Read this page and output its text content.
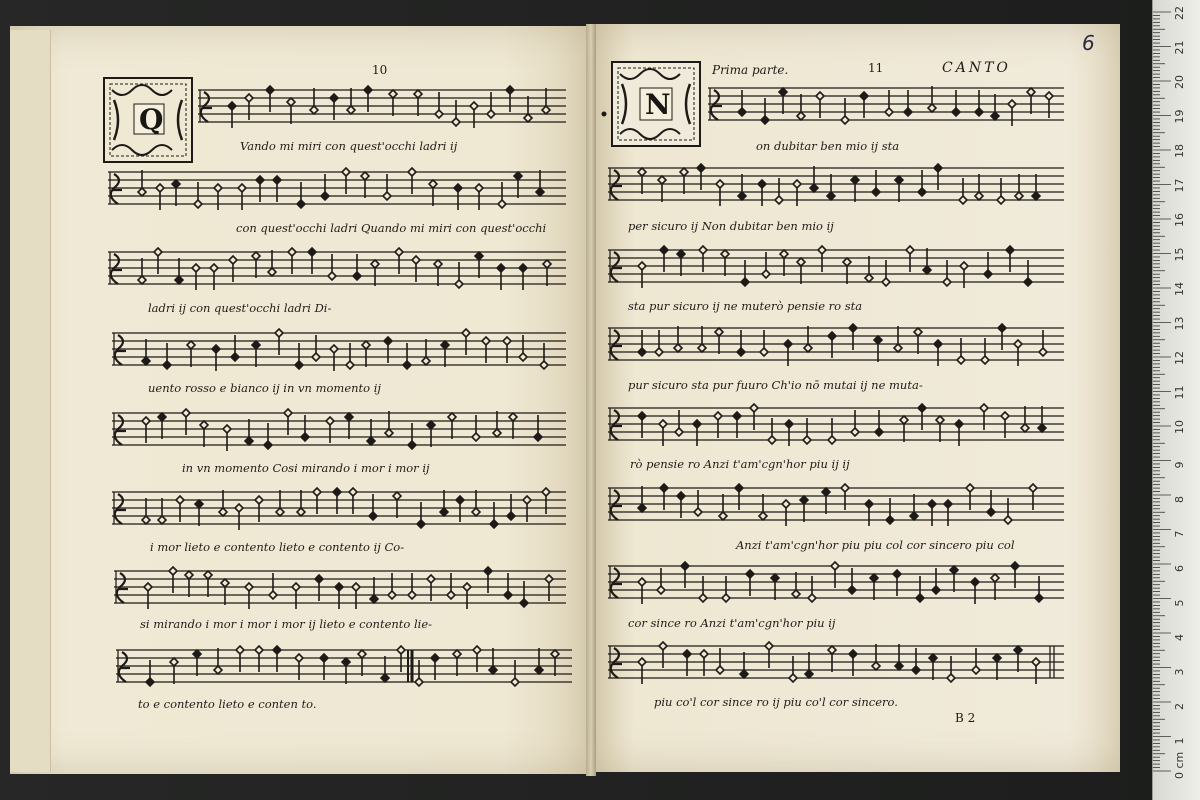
Q	N
10	Prima parte.	11	CANTO
6
B 2
Vando mi miri con quest'occhi ladri ij
con quest'occhi ladri Quando mi miri con quest'occhi
ladri ij con quest'occhi ladri Di-
uento rosso e bianco ij in vn momento ij
in vn momento Cosi mirando i mor i mor ij
i mor lieto e contento lieto e contento ij Co-
si mirando i mor i mor i mor ij lieto e contento lie-
to e contento lieto e conten to.
on dubitar ben mio ij sta
per sicuro ij Non dubitar ben mio ij
sta pur sicuro ij ne muterò pensie ro sta
pur sicuro sta pur fuuro Ch'io nō mutai ij ne muta-
rò pensie ro Anzi t'am'cgn'hor piu ij ij
Anzi t'am'cgn'hor piu piu col cor sincero piu col
cor since ro Anzi t'am'cgn'hor piu ij
piu co'l cor since ro ij piu co'l cor sincero.
22
21
20
19
18
17
16
15
14
13
12
11
10
9
8
7
6
5
4
3
2
1
0 cm
